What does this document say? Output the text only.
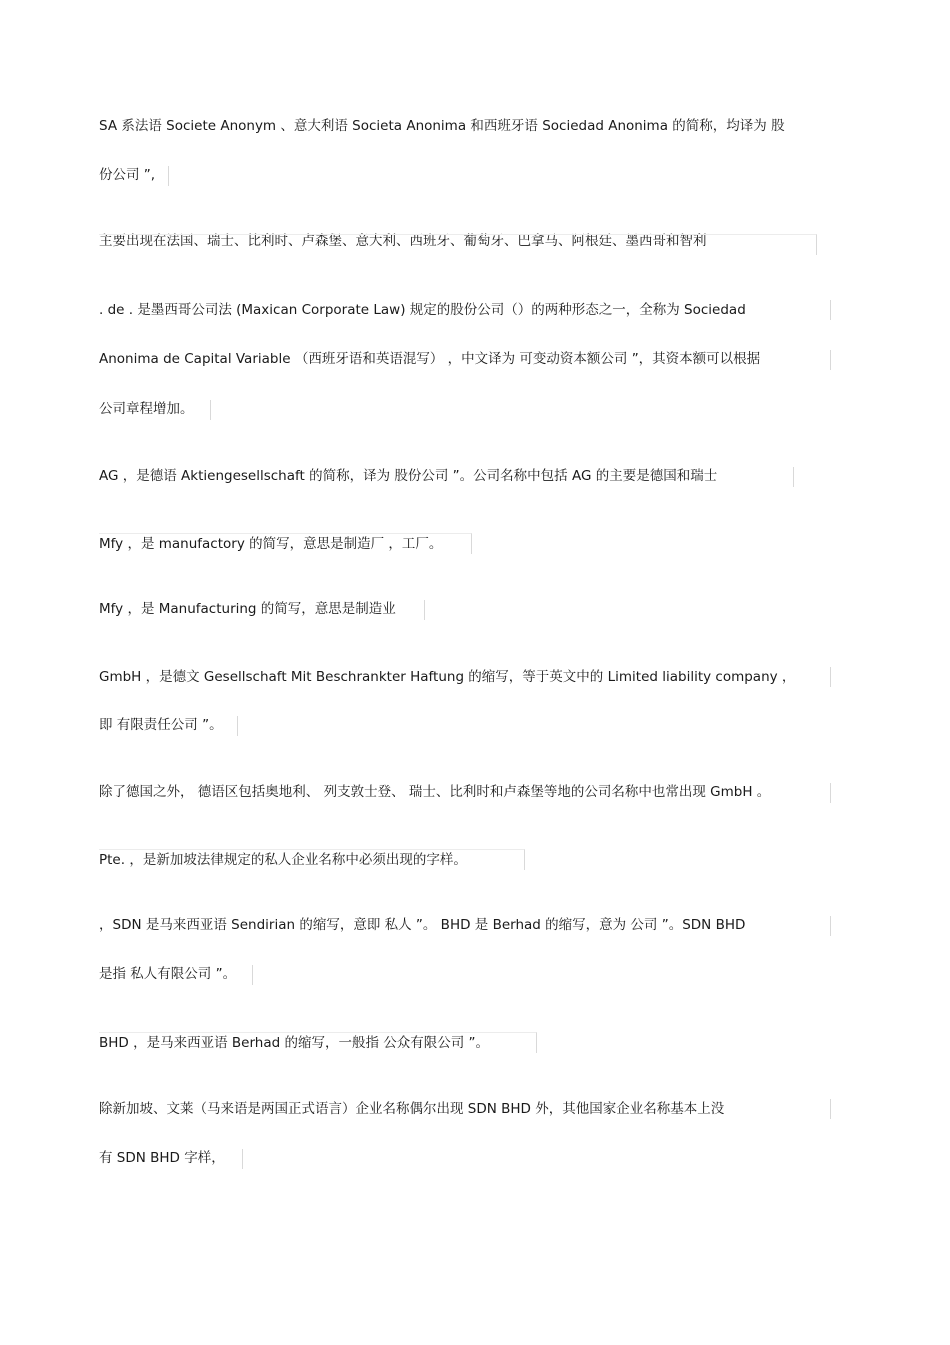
SA 系法语 Societe Anonym 、意大利语 Societa Anonima 和西班牙语 Sociedad Anonima 的简称，均译为 股
份公司 ”,
主要出现在法国、瑞士、比利时、卢森堡、意大利、西班牙、葡萄牙、巴拿马、阿根廷、墨西哥和智利
. de . 是墨西哥公司法 (Maxican Corporate Law) 规定的股份公司（）的两种形态之一，全称为 Sociedad
Anonima de Capital Variable （西班牙语和英语混写） ，中文译为 可变动资本额公司 ”，其资本额可以根据
公司章程增加。
AG ，是德语 Aktiengesellschaft 的简称，译为 股份公司 ”。公司名称中包括 AG 的主要是德国和瑞士
Mfy ，是 manufactory 的简写，意思是制造厂 ，工厂。
Mfy ，是 Manufacturing 的简写，意思是制造业
GmbH ，是德文 Gesellschaft Mit Beschrankter Haftung 的缩写，等于英文中的 Limited liability company ，
即 有限责任公司 ”。
除了德国之外， 德语区包括奥地利、 列支敦士登、 瑞士、比利时和卢森堡等地的公司名称中也常出现 GmbH 。
Pte. ，是新加坡法律规定的私人企业名称中必须出现的字样。
，SDN 是马来西亚语 Sendirian 的缩写，意即 私人 ”。 BHD 是 Berhad 的缩写，意为 公司 ”。SDN BHD
是指 私人有限公司 ”。
BHD ，是马来西亚语 Berhad 的缩写，一般指 公众有限公司 ”。
除新加坡、文莱（马来语是两国正式语言）企业名称偶尔出现 SDN BHD 外，其他国家企业名称基本上没
有 SDN BHD 字样，
